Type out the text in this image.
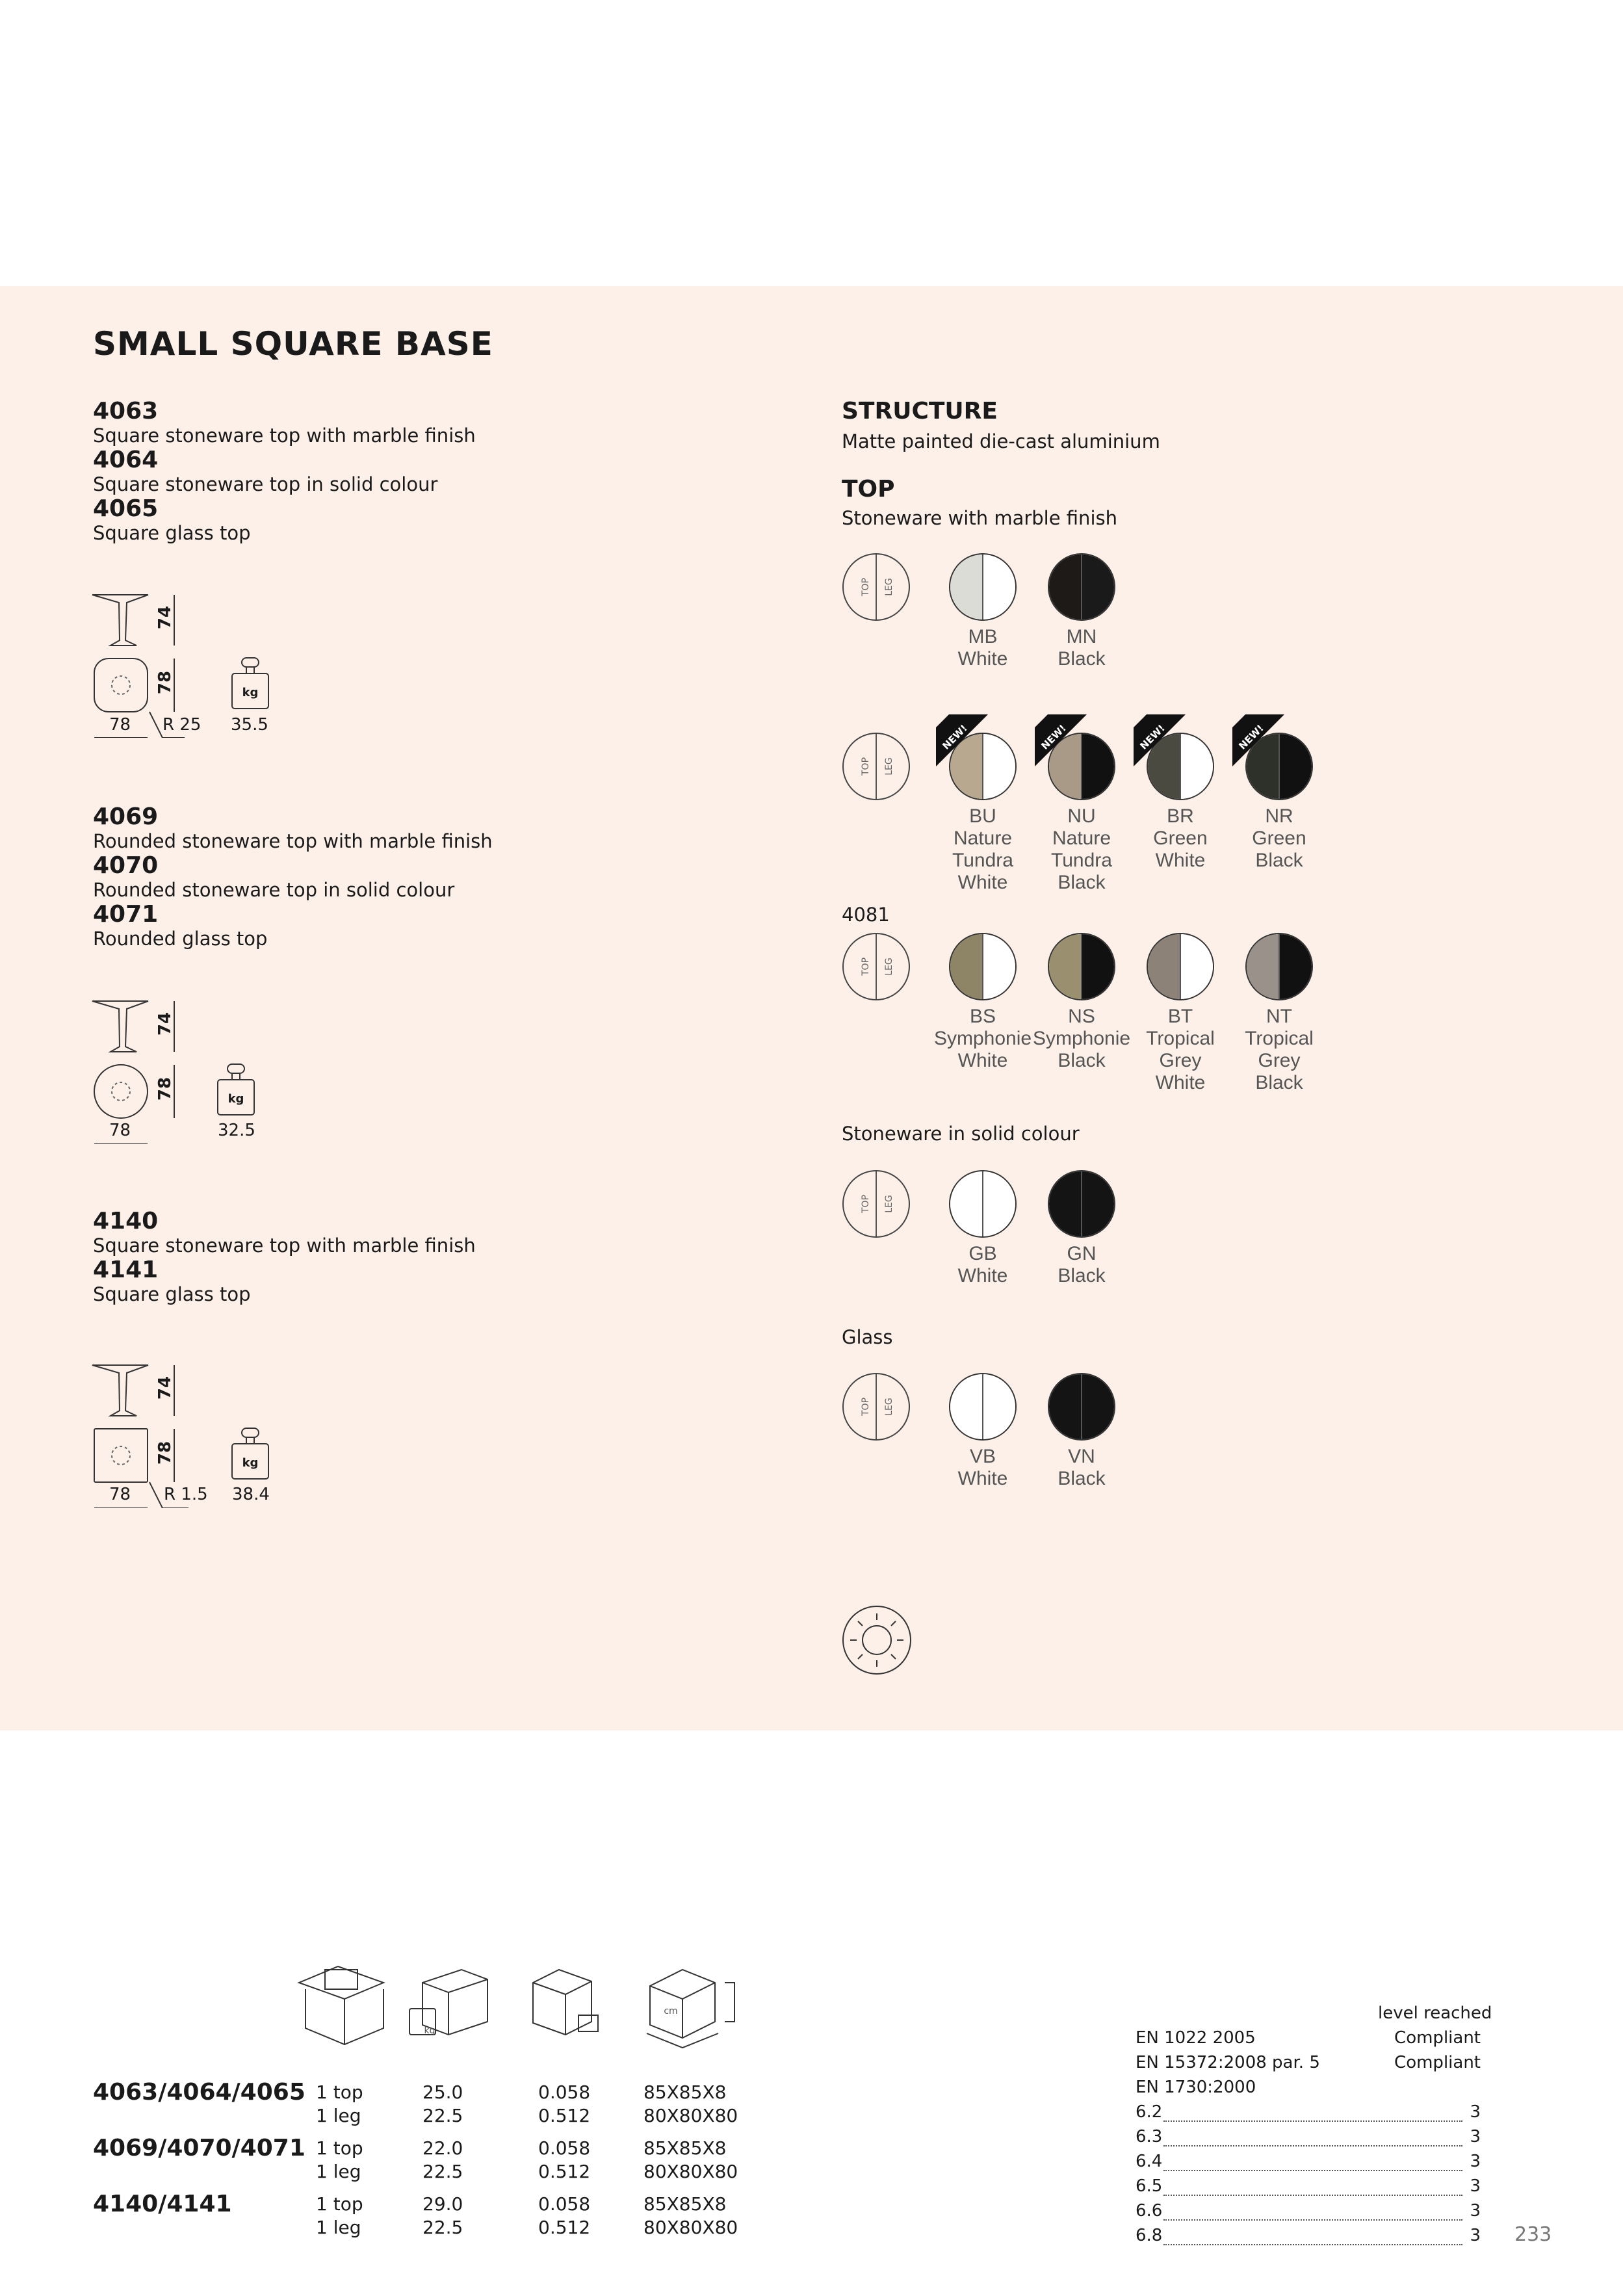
SMALL SQUARE BASE
4063
Square stoneware top with marble finish
4064
Square stoneware top in solid colour
4065
Square glass top
74
78
78 R 25
kg
35.5
4069
Rounded stoneware top with marble finish
4070
Rounded stoneware top in solid colour
4071
Rounded glass top
74
78
78
kg
32.5
4140
Square stoneware top with marble finish
4141
Square glass top
74
78
78 R 1.5
kg
38.4
STRUCTURE
Matte painted die-cast aluminium
TOP
Stoneware with marble finish
4081
Stoneware in solid colour
Glass
TOP LEG
TOP LEG
TOP LEG
TOP LEG
TOP LEG
MB
White
MN
Black
NEW!
BU
Nature
Tundra
White
NEW!
NU
Nature
Tundra
Black
NEW!
BR
Green
White
NEW!
NR
Green
Black
BS
Symphonie
White
NS
Symphonie
Black
BT
Tropical
Grey
White
NT
Tropical
Grey
Black
GB
White
GN
Black
VB
White
VN
Black
kg
cm
4063/4064/4065 1 top	25.0	0.058	85X85X8
1 leg	22.5	0.512	80X80X80
4069/4070/4071 1 top	22.0	0.058	85X85X8
1 leg	22.5	0.512	80X80X80
4140/4141	1 top	29.0	0.058	85X85X8
1 leg	22.5	0.512	80X80X80
level reached
EN 1022 2005	Compliant
EN 15372:2008 par. 5	Compliant
EN 1730:2000
6.2	3
6.3	3
6.4	3
6.5	3
6.6	3
6.8	3 233
